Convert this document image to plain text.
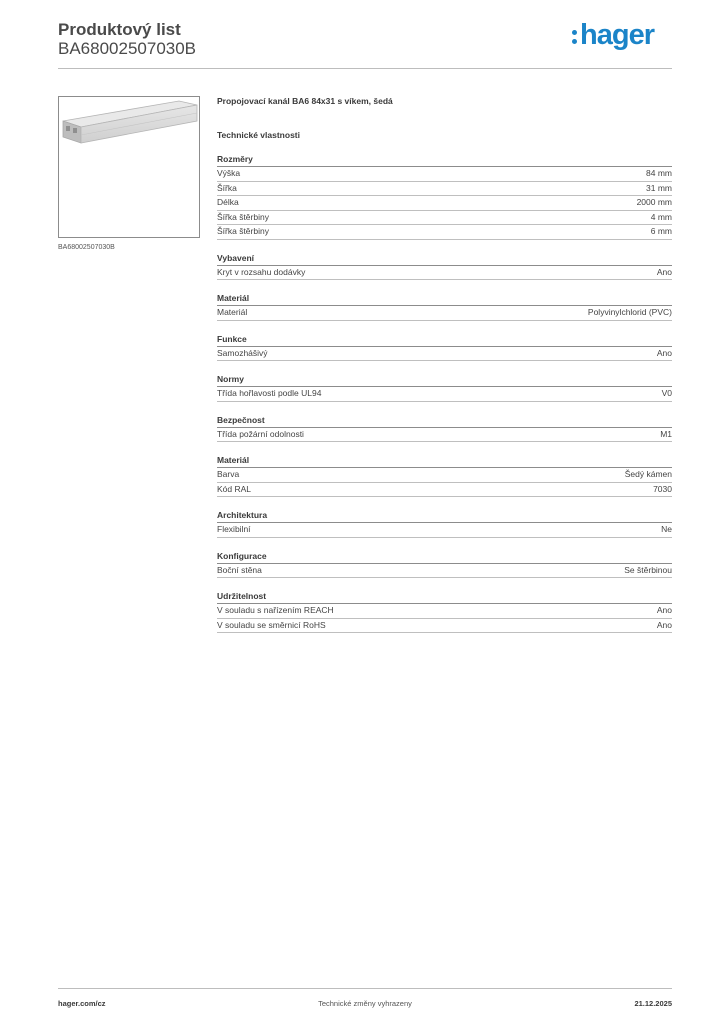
Produktový list
BA68002507030B	hager
BA68002507030B
Propojovací kanál BA6 84x31 s víkem, šedá
Technické vlastnosti
Rozměry
Výška	84 mm
Šířka	31 mm
Délka	2000 mm
Šířka štěrbiny	4 mm
Šířka štěrbiny	6 mm
Vybavení
Kryt v rozsahu dodávky	Ano
Materiál
Materiál	Polyvinylchlorid (PVC)
Funkce
Samozhášivý	Ano
Normy
Třída hořlavosti podle UL94	V0
Bezpečnost
Třída požární odolnosti	M1
Materiál
Barva	Šedý kámen
Kód RAL	7030
Architektura
Flexibilní	Ne
Konfigurace
Boční stěna	Se štěrbinou
Udržitelnost
V souladu s nařízením REACH	Ano
V souladu se směrnicí RoHS	Ano
hager.com/cz	Technické změny vyhrazeny	21.12.2025
